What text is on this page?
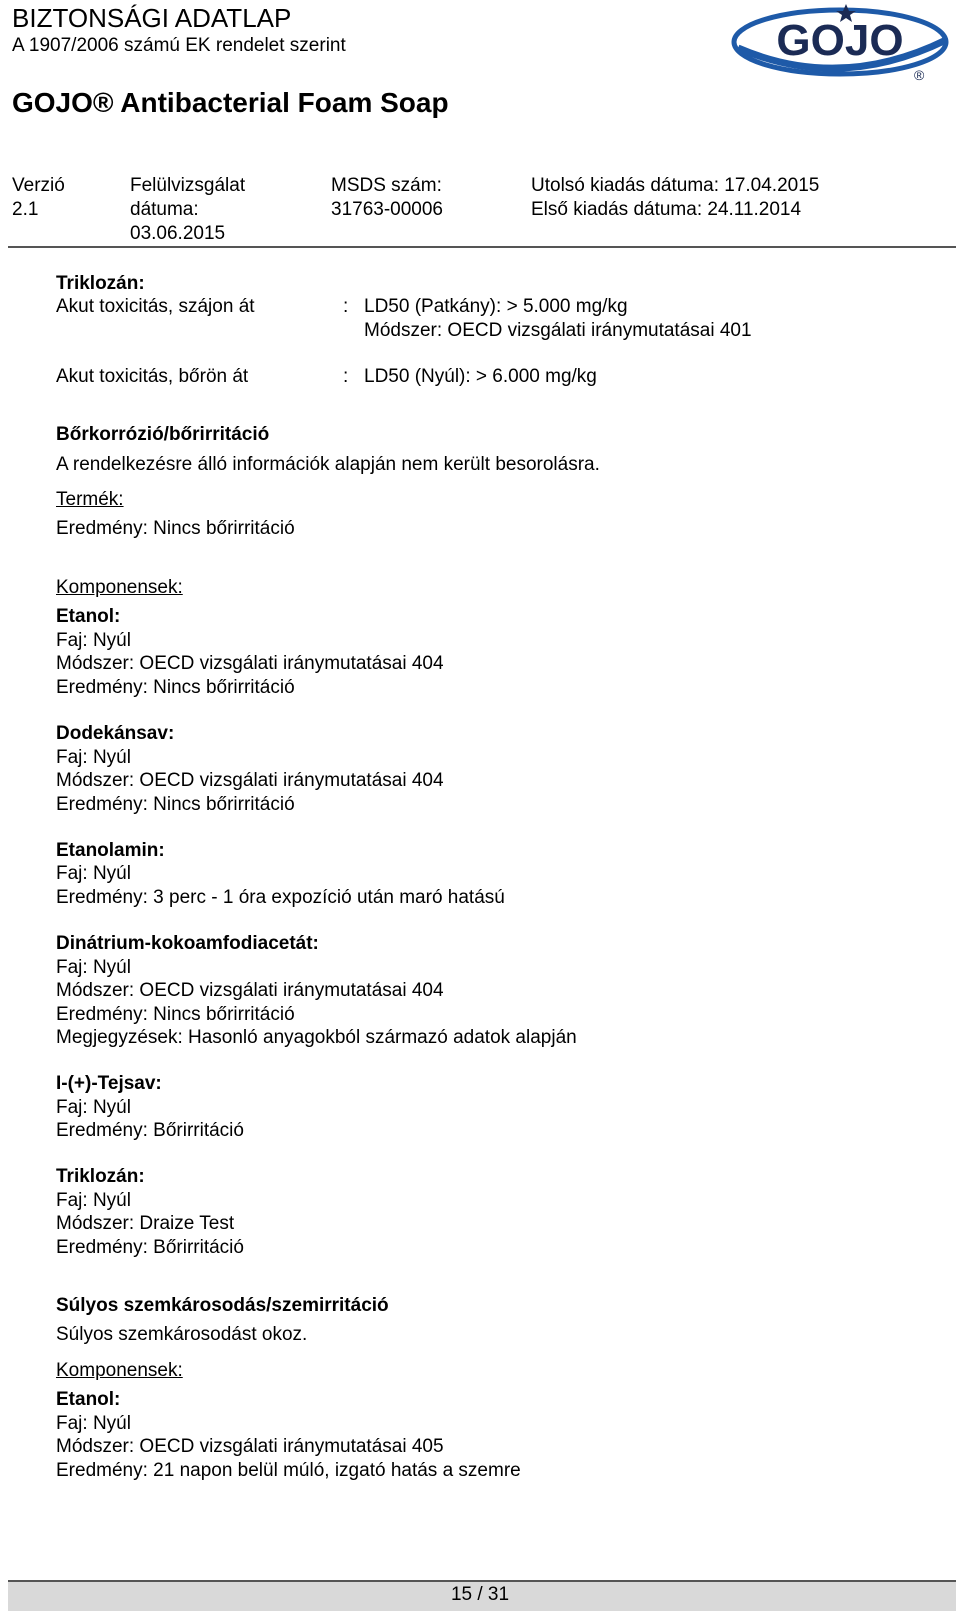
BIZTONSÁGI ADATLAP
A 1907/2006 számú EK rendelet szerint
GOJO® Antibacterial Foam Soap
GOJO
®
Verzió
2.1
Felülvizsgálat
dátuma:
03.06.2015
MSDS szám:
31763-00006
Utolsó kiadás dátuma: 17.04.2015
Első kiadás dátuma: 24.11.2014
Triklozán:
Akut toxicitás, szájon át	: LD50 (Patkány): > 5.000 mg/kg
Módszer: OECD vizsgálati iránymutatásai 401
Akut toxicitás, bőrön át	: LD50 (Nyúl): > 6.000 mg/kg
Bőrkorrózió/bőrirritáció
A rendelkezésre álló információk alapján nem került besorolásra.
Termék:
Eredmény: Nincs bőrirritáció
Komponensek:
Etanol:
Faj: Nyúl
Módszer: OECD vizsgálati iránymutatásai 404
Eredmény: Nincs bőrirritáció
Dodekánsav:
Faj: Nyúl
Módszer: OECD vizsgálati iránymutatásai 404
Eredmény: Nincs bőrirritáció
Etanolamin:
Faj: Nyúl
Eredmény: 3 perc - 1 óra expozíció után maró hatású
Dinátrium-kokoamfodiacetát:
Faj: Nyúl
Módszer: OECD vizsgálati iránymutatásai 404
Eredmény: Nincs bőrirritáció
Megjegyzések: Hasonló anyagokból származó adatok alapján
I-(+)-Tejsav:
Faj: Nyúl
Eredmény: Bőrirritáció
Triklozán:
Faj: Nyúl
Módszer: Draize Test
Eredmény: Bőrirritáció
Súlyos szemkárosodás/szemirritáció
Súlyos szemkárosodást okoz.
Komponensek:
Etanol:
Faj: Nyúl
Módszer: OECD vizsgálati iránymutatásai 405
Eredmény: 21 napon belül múló, izgató hatás a szemre
15 / 31
